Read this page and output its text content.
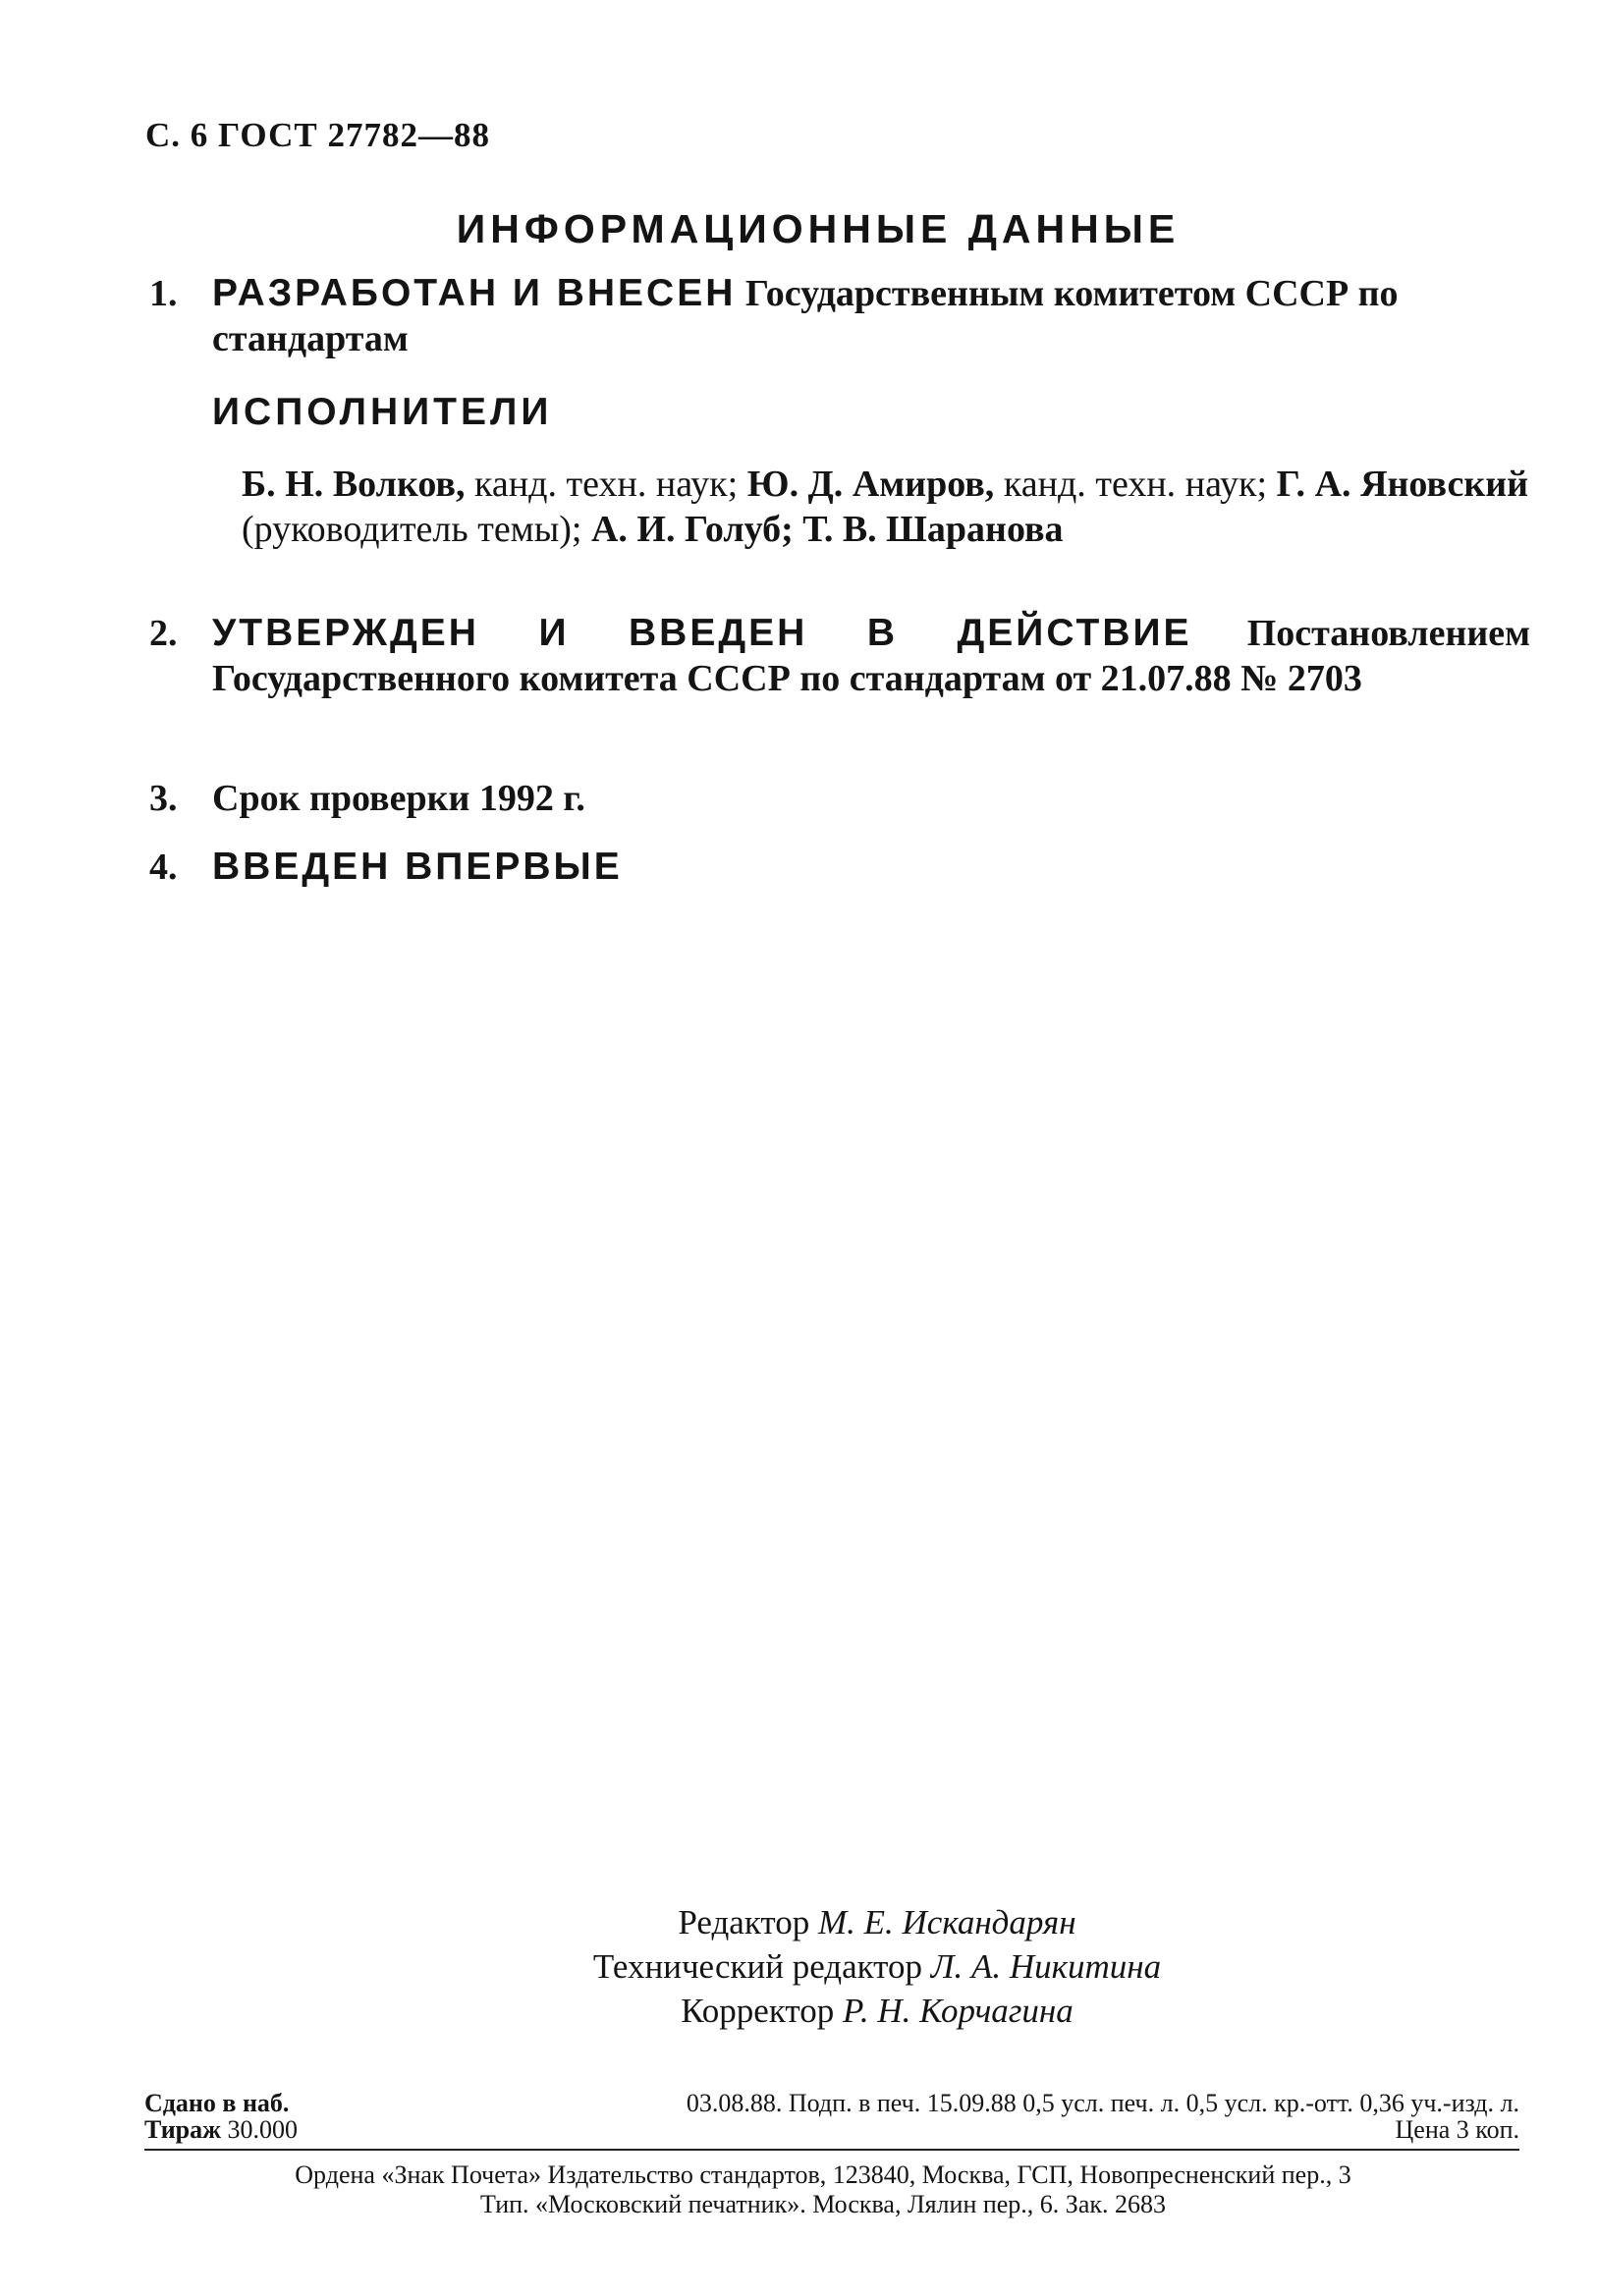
С. 6 ГОСТ 27782—88
ИНФОРМАЦИОННЫЕ ДАННЫЕ
1. РАЗРАБОТАН И ВНЕСЕН Государственным комитетом СССР по стандартам
ИСПОЛНИТЕЛИ
Б. Н. Волков, канд. техн. наук; Ю. Д. Амиров, канд. техн. наук; Г. А. Яновский (руководитель темы); А. И. Голуб; Т. В. Шаранова
2. УТВЕРЖДЕН И ВВЕДЕН В ДЕЙСТВИЕ Постановлением Государственного комитета СССР по стандартам от 21.07.88 № 2703
3. Срок проверки 1992 г.
4. ВВЕДЕН ВПЕРВЫЕ
Редактор М. Е. Искандарян
Технический редактор Л. А. Никитина
Корректор Р. Н. Корчагина
Сдано в наб.	03.08.88. Подп. в печ. 15.09.88 0,5 усл. печ. л. 0,5 усл. кр.-отт. 0,36 уч.-изд. л.
Тираж 30.000	Цена 3 коп.
Ордена «Знак Почета» Издательство стандартов, 123840, Москва, ГСП, Новопресненский пер., 3
Тип. «Московский печатник». Москва, Лялин пер., 6. Зак. 2683
